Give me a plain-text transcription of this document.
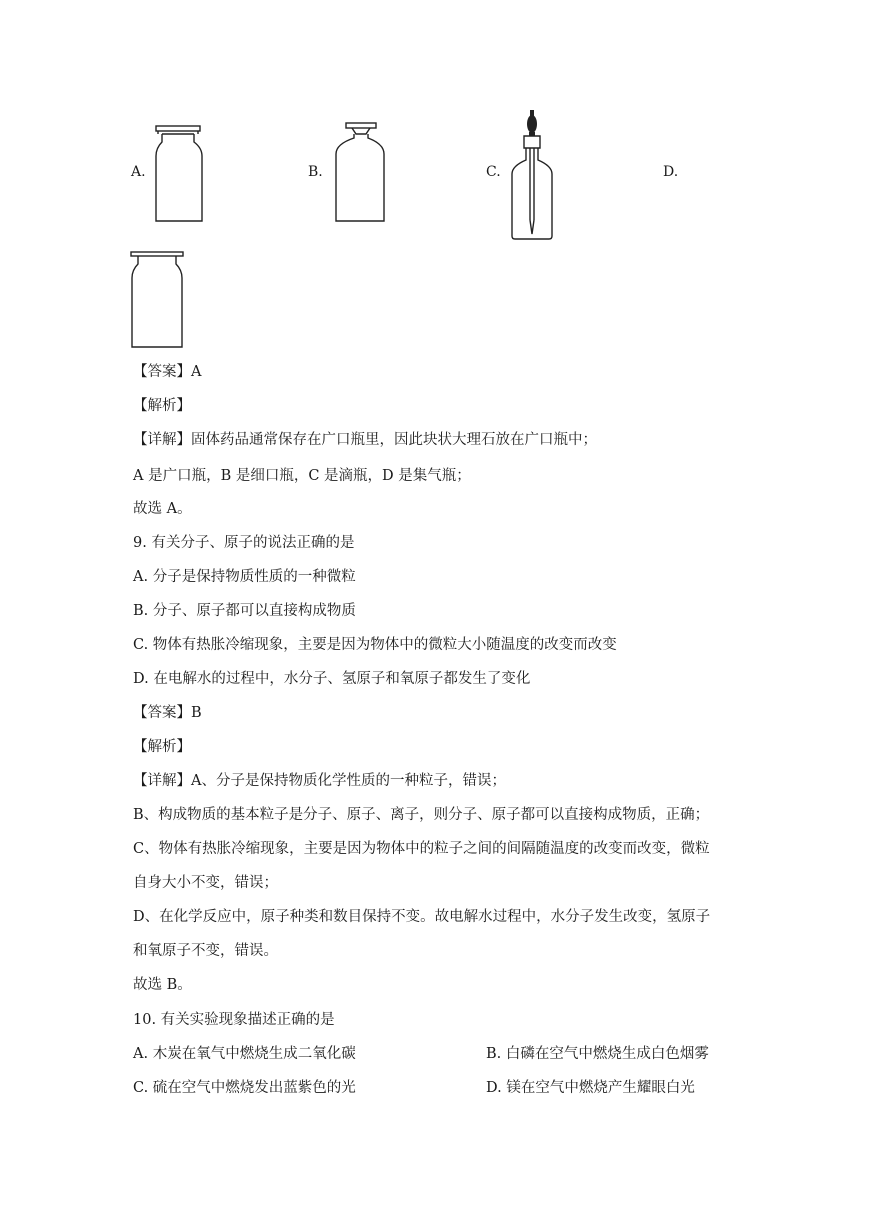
A.	B.	C.	D.
【答案】A
【解析】
【详解】固体药品通常保存在广口瓶里，因此块状大理石放在广口瓶中；
A 是广口瓶，B 是细口瓶，C 是滴瓶，D 是集气瓶；
故选 A。
9. 有关分子、原子的说法正确的是
A. 分子是保持物质性质的一种微粒
B. 分子、原子都可以直接构成物质
C. 物体有热胀冷缩现象，主要是因为物体中的微粒大小随温度的改变而改变
D. 在电解水的过程中，水分子、氢原子和氧原子都发生了变化
【答案】B
【解析】
【详解】A、分子是保持物质化学性质的一种粒子，错误；
B、构成物质的基本粒子是分子、原子、离子，则分子、原子都可以直接构成物质，正确；
C、物体有热胀冷缩现象，主要是因为物体中的粒子之间的间隔随温度的改变而改变，微粒
自身大小不变，错误；
D、在化学反应中，原子种类和数目保持不变。故电解水过程中，水分子发生改变，氢原子
和氧原子不变，错误。
故选 B。
10. 有关实验现象描述正确的是
A. 木炭在氧气中燃烧生成二氧化碳	B. 白磷在空气中燃烧生成白色烟雾
C. 硫在空气中燃烧发出蓝紫色的光	D. 镁在空气中燃烧产生耀眼白光
